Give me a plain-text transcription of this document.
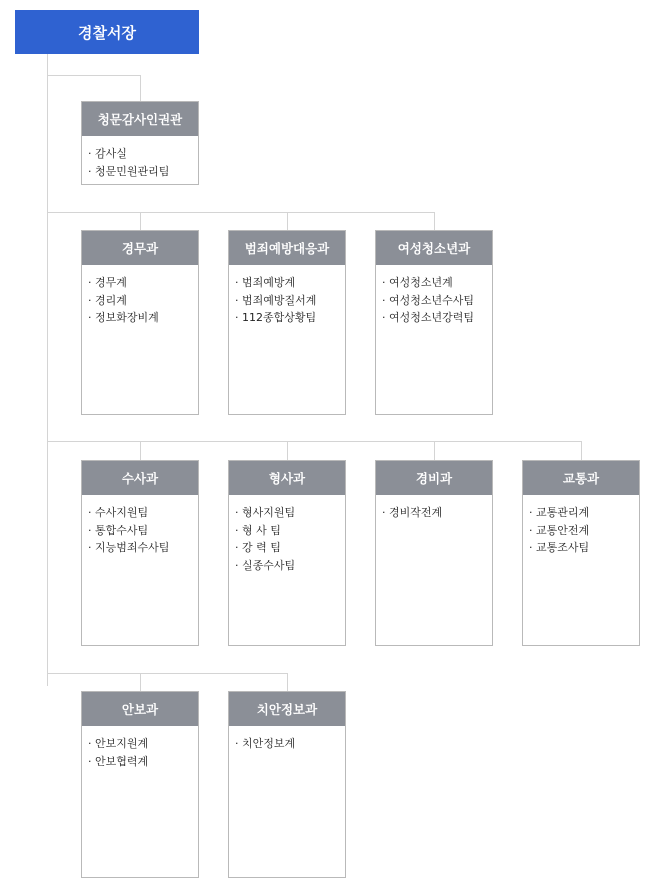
경찰서장
청문감사인권관
· 감사실
· 청문민원관리팀
경무과
· 경무계
· 경리계
· 정보화장비계
범죄예방대응과
· 범죄예방계
· 범죄예방질서계
· 112종합상황팀
여성청소년과
· 여성청소년계
· 여성청소년수사팀
· 여성청소년강력팀
수사과
· 수사지원팀
· 통합수사팀
· 지능범죄수사팀
형사과
· 형사지원팀
· 형 사 팀
· 강 력 팀
· 실종수사팀
경비과
· 경비작전계
교통과
· 교통관리계
· 교통안전계
· 교통조사팀
안보과
· 안보지원계
· 안보협력계
치안정보과
· 치안정보계
